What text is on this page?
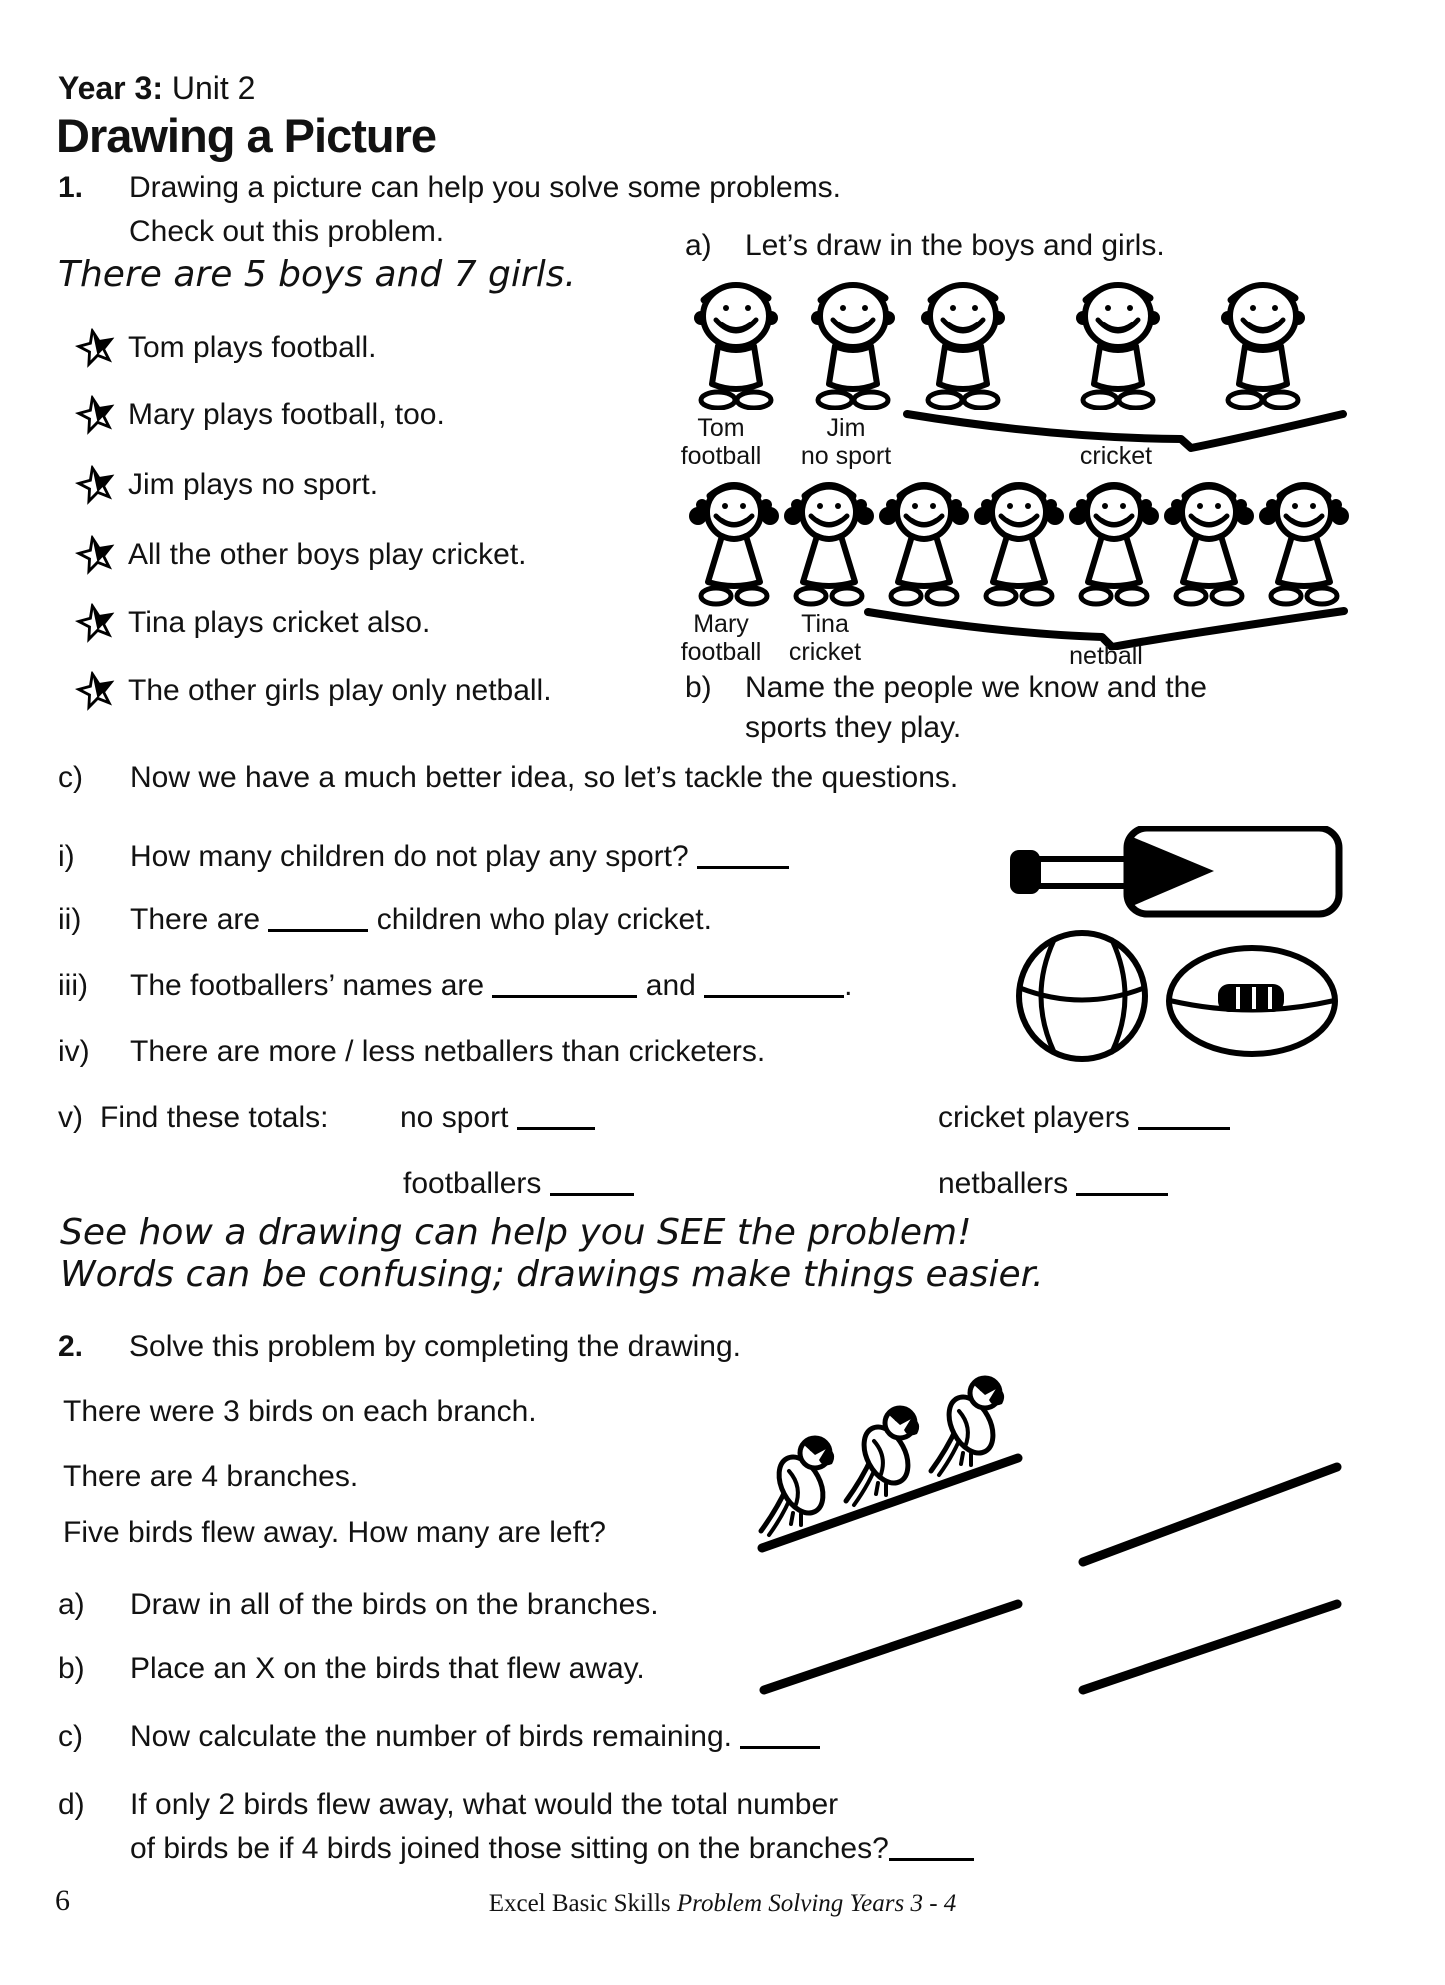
Year 3: Unit 2
Drawing a Picture
1.	Drawing a picture can help you solve some problems.
Check out this problem.
There are 5 boys and 7 girls.
Tom plays football.
Mary plays football, too.
Jim plays no sport.
All the other boys play cricket.
Tina plays cricket also.
The other girls play only netball.
a)	Let’s draw in the boys and girls.
Tom
football
Jim
no sport	cricket
Mary
football
Tina
cricket	netball
b)	Name the people we know and the
sports they play.
c)	Now we have a much better idea, so let’s tackle the questions.
i)	How many children do not play any sport?
ii)	There are	children who play cricket.
iii)	The footballers’ names are	and	.
iv)	There are more / less netballers than cricketers.
v) Find these totals: no sport	cricket players
footballers	netballers
See how a drawing can help you SEE the problem!
Words can be confusing; drawings make things easier.
2.	Solve this problem by completing the drawing.
There were 3 birds on each branch.
There are 4 branches.
Five birds flew away. How many are left?
a)	Draw in all of the birds on the branches.
b)	Place an X on the birds that flew away.
c)	Now calculate the number of birds remaining.
d)	If only 2 birds flew away, what would the total number
of birds be if 4 birds joined those sitting on the branches?
6	Excel Basic Skills Problem Solving Years 3 - 4
